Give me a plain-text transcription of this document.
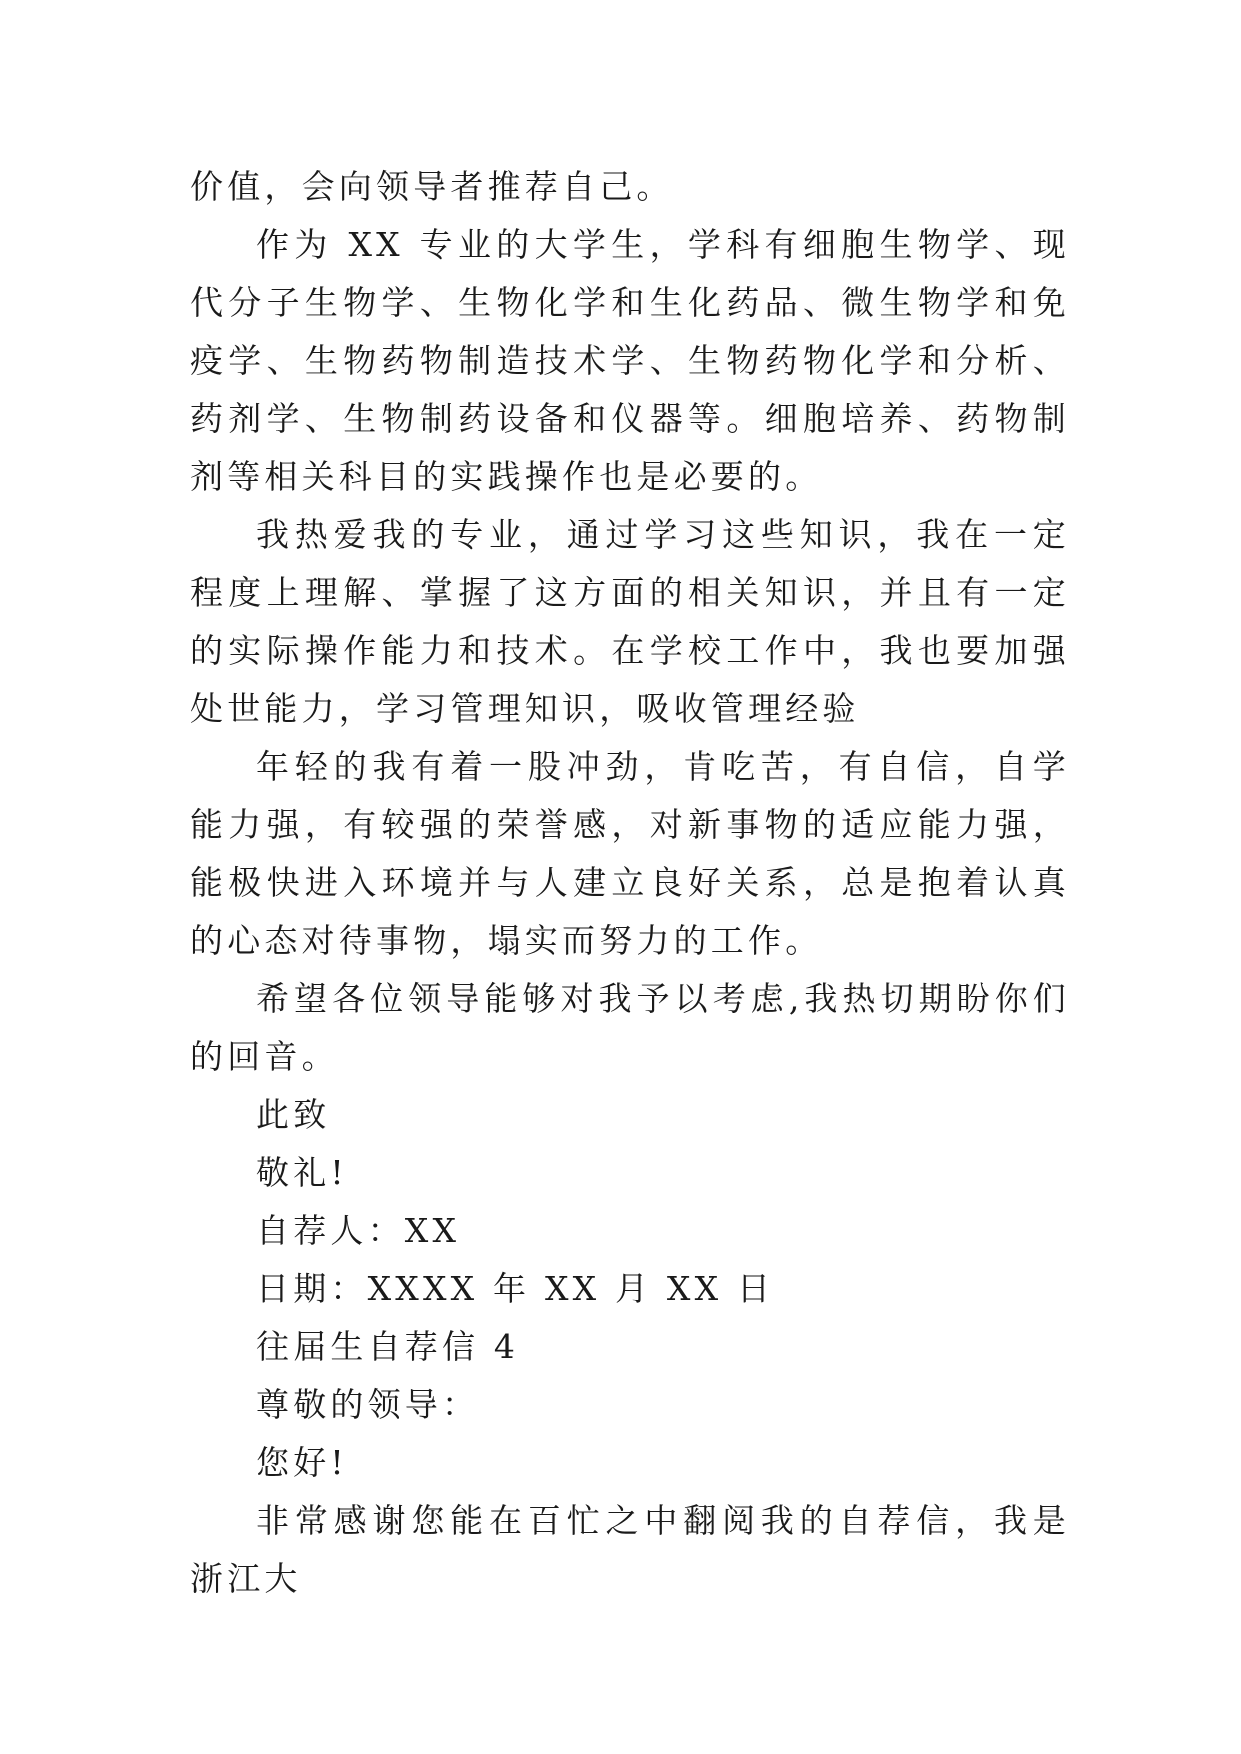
价值，会向领导者推荐自己。

作为 XX 专业的大学生，学科有细胞生物学、现代分子生物学、生物化学和生化药品、微生物学和免疫学、生物药物制造技术学、生物药物化学和分析、药剂学、生物制药设备和仪器等。细胞培养、药物制剂等相关科目的实践操作也是必要的。

我热爱我的专业，通过学习这些知识，我在一定程度上理解、掌握了这方面的相关知识，并且有一定的实际操作能力和技术。在学校工作中，我也要加强处世能力，学习管理知识，吸收管理经验

年轻的我有着一股冲劲，肯吃苦，有自信，自学能力强，有较强的荣誉感，对新事物的适应能力强，能极快进入环境并与人建立良好关系，总是抱着认真的心态对待事物，塌实而努力的工作。

希望各位领导能够对我予以考虑,我热切期盼你们的回音。

此致

敬礼!

自荐人：XX

日期：XXXX 年 XX 月 XX 日

往届生自荐信 4

尊敬的领导：

您好!

非常感谢您能在百忙之中翻阅我的自荐信，我是浙江大
